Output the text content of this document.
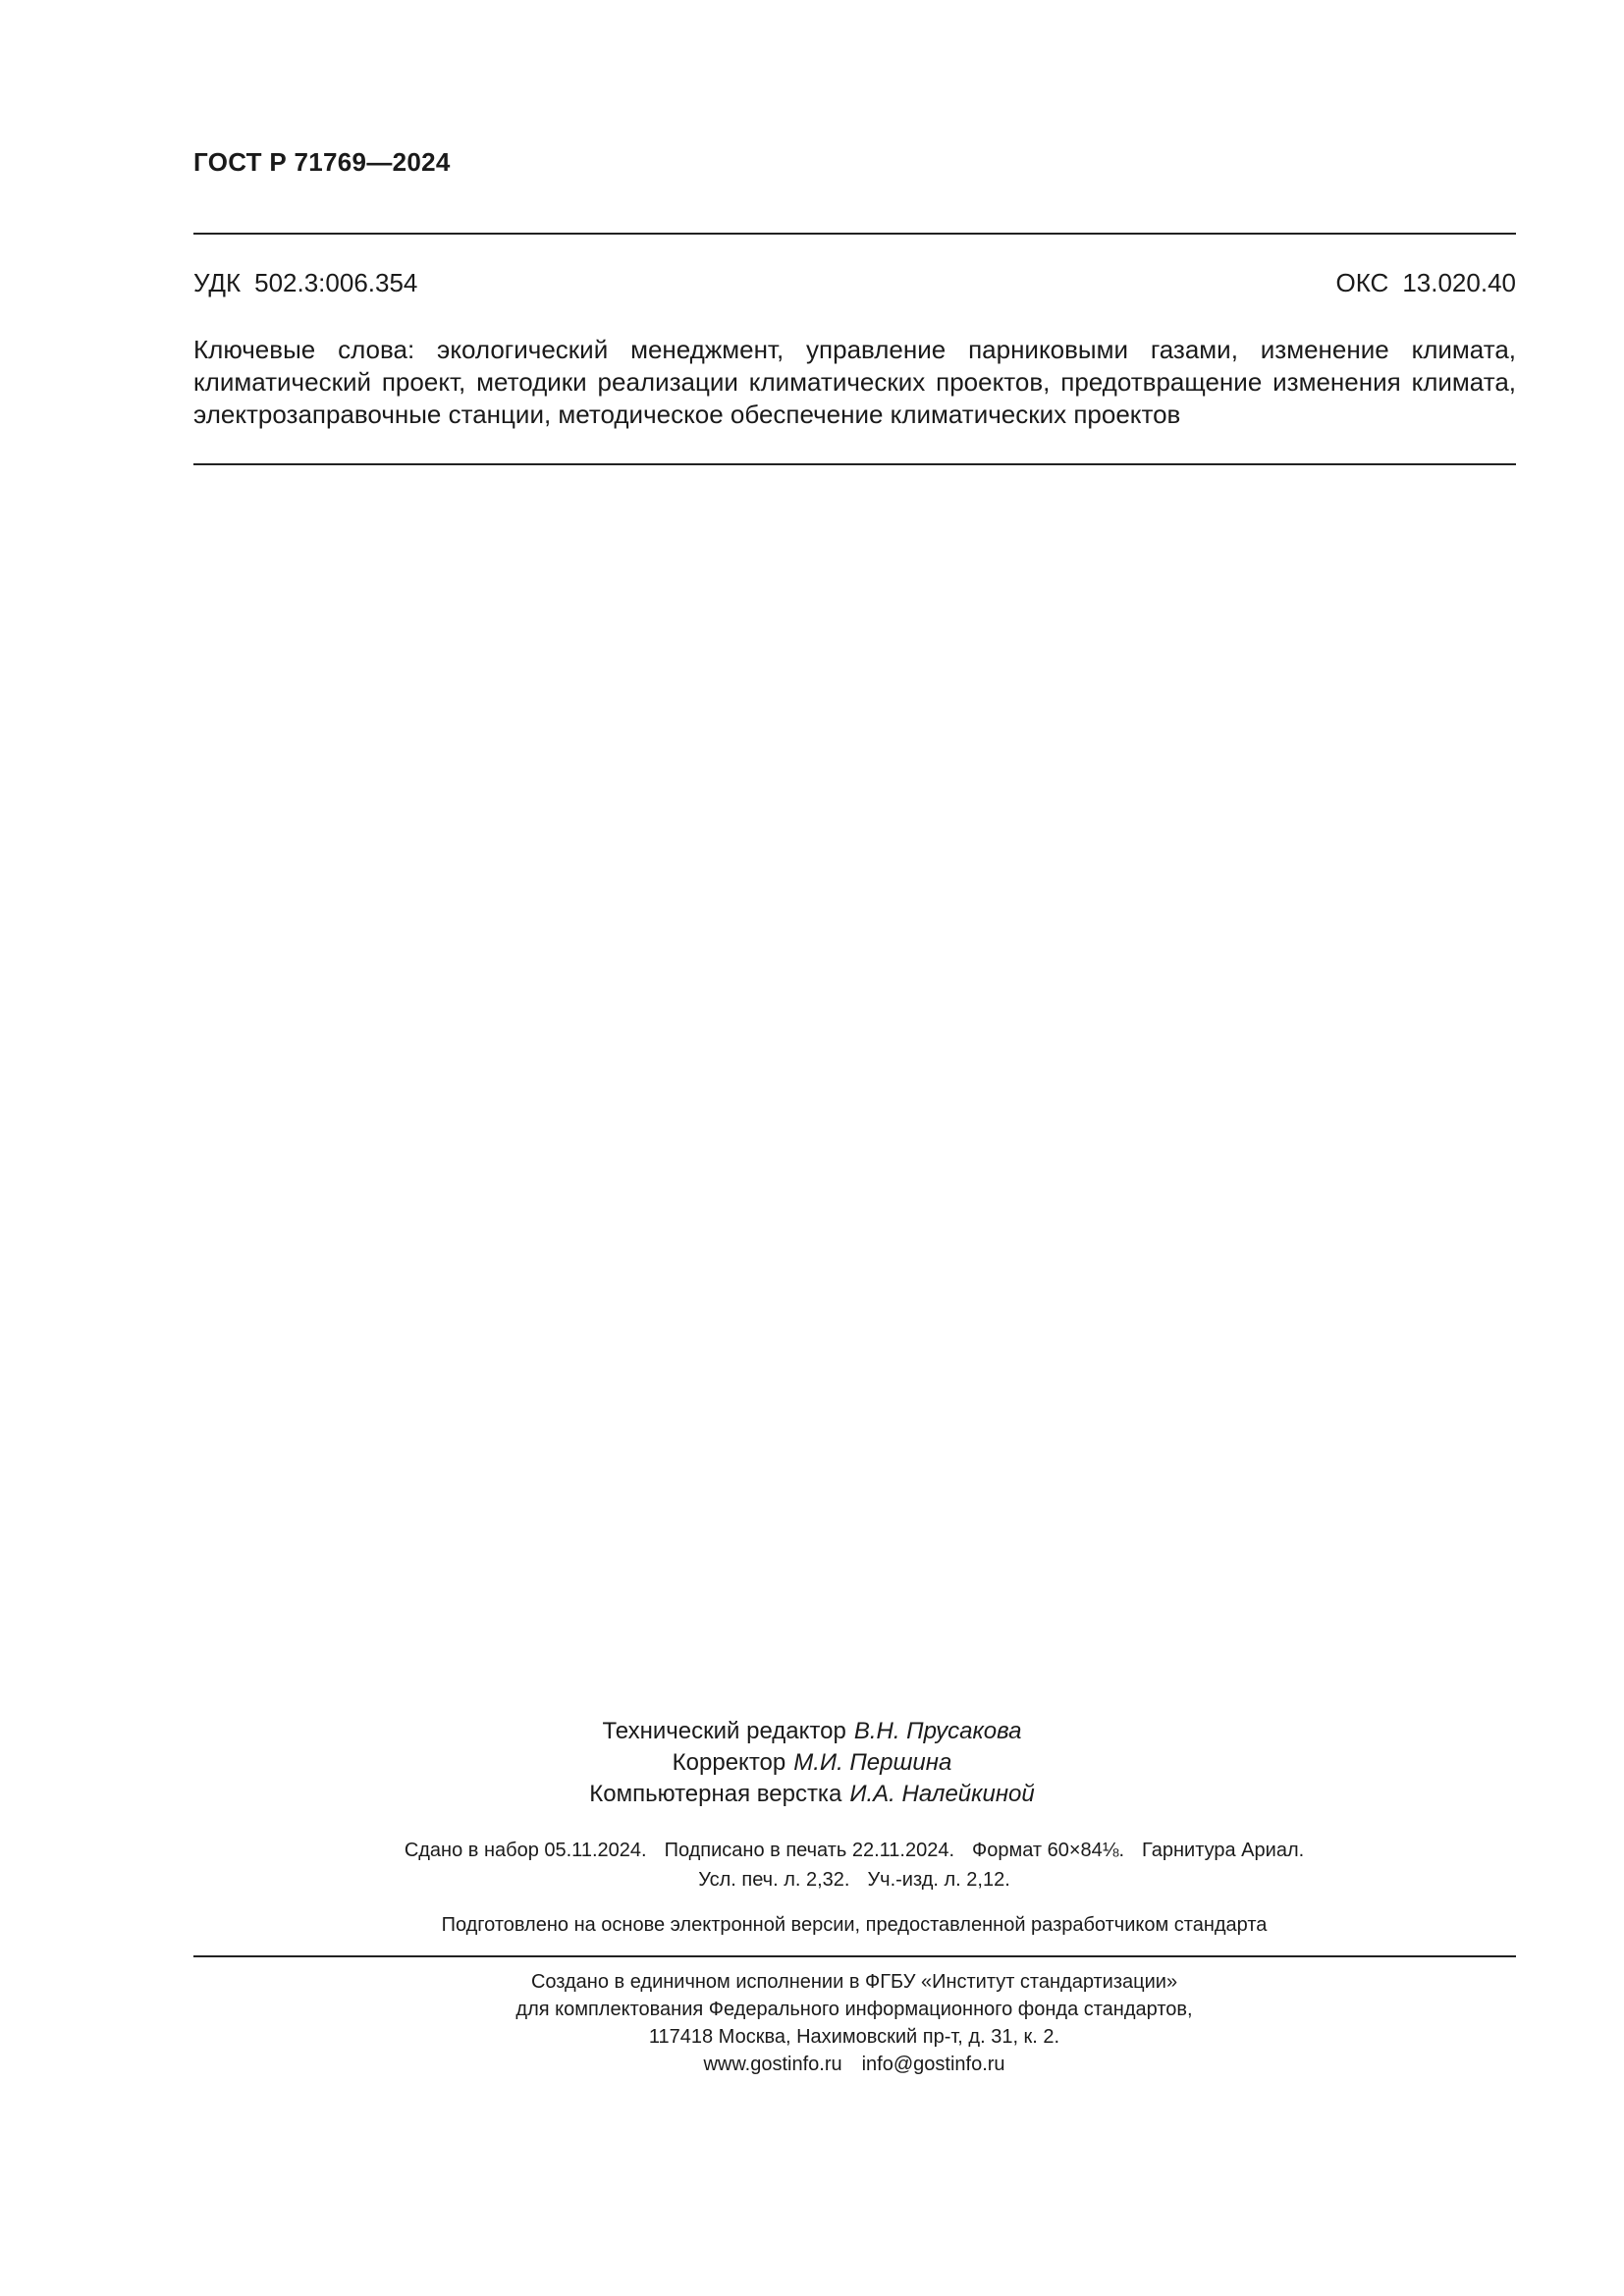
ГОСТ Р 71769—2024
УДК 502.3:006.354	ОКС 13.020.40
Ключевые слова: экологический менеджмент, управление парниковыми газами, изменение климата, климатический проект, методики реализации климатических проектов, предотвращение изменения климата, электрозаправочные станции, методическое обеспечение климатических проектов
Технический редактор В.Н. Прусакова
Корректор М.И. Першина
Компьютерная верстка И.А. Налейкиной
Сдано в набор 05.11.2024. Подписано в печать 22.11.2024. Формат 60×84⅛. Гарнитура Ариал.
Усл. печ. л. 2,32. Уч.-изд. л. 2,12.
Подготовлено на основе электронной версии, предоставленной разработчиком стандарта
Создано в единичном исполнении в ФГБУ «Институт стандартизации»
для комплектования Федерального информационного фонда стандартов,
117418 Москва, Нахимовский пр-т, д. 31, к. 2.
www.gostinfo.ru info@gostinfo.ru
